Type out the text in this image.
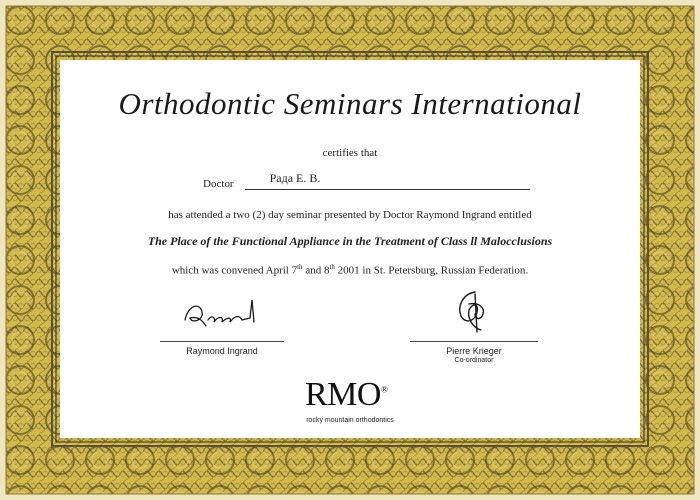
Orthodontic Seminars International

certifies that

Doctor	Рада Е. В.

has attended a two (2) day seminar presented by Doctor Raymond Ingrand entitled

The Place of the Functional Appliance in the Treatment of Class ll Malocclusions

which was convened April 7th and 8th 2001 in St. Petersburg, Russian Federation.

Raymond Ingrand	Pierre Krieger
Co-ordinator
RMO®
rocky mountain orthodontics
